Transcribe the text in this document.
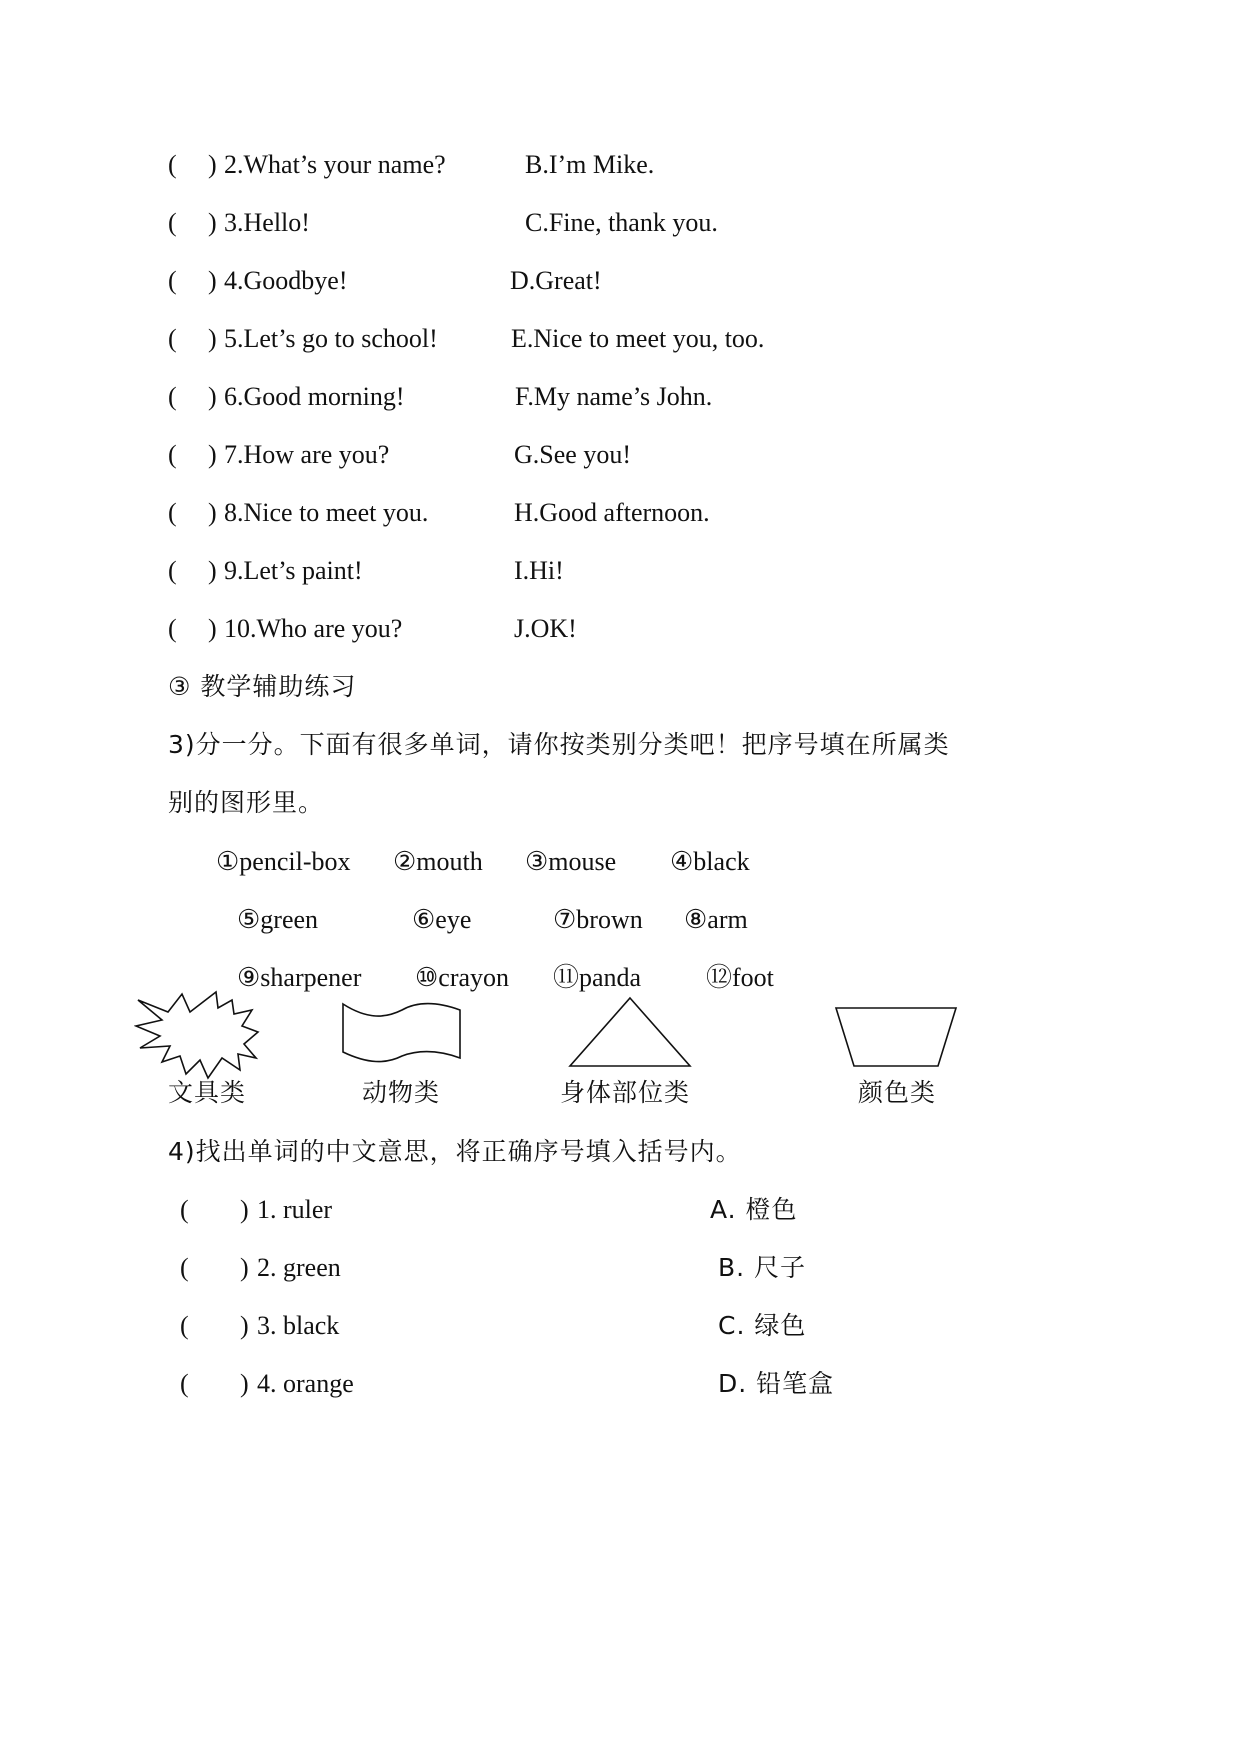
( ) 2.What’s your name?	B.I’m Mike.
( ) 3.Hello!	C.Fine, thank you.
( ) 4.Goodbye!	D.Great!
( ) 5.Let’s go to school!	E.Nice to meet you, too.
( ) 6.Good morning!	F.My name’s John.
( ) 7.How are you?	G.See you!
( ) 8.Nice to meet you.	H.Good afternoon.
( ) 9.Let’s paint!	I.Hi!
( ) 10.Who are you?	J.OK!
③ 教学辅助练习
3)分一分。下面有很多单词，请你按类别分类吧！把序号填在所属类
别的图形里。
①pencil-box ②mouth ③mouse ④black
⑤green	⑥eye	⑦brown ⑧arm
⑨sharpener ⑩crayon ⑪panda ⑫foot
文具类	动物类	身体部位类	颜色类
4)找出单词的中文意思，将正确序号填入括号内。
( ) 1. ruler	A. 橙色
( ) 2. green	B. 尺子
( ) 3. black	C. 绿色
( ) 4. orange	D. 铅笔盒
